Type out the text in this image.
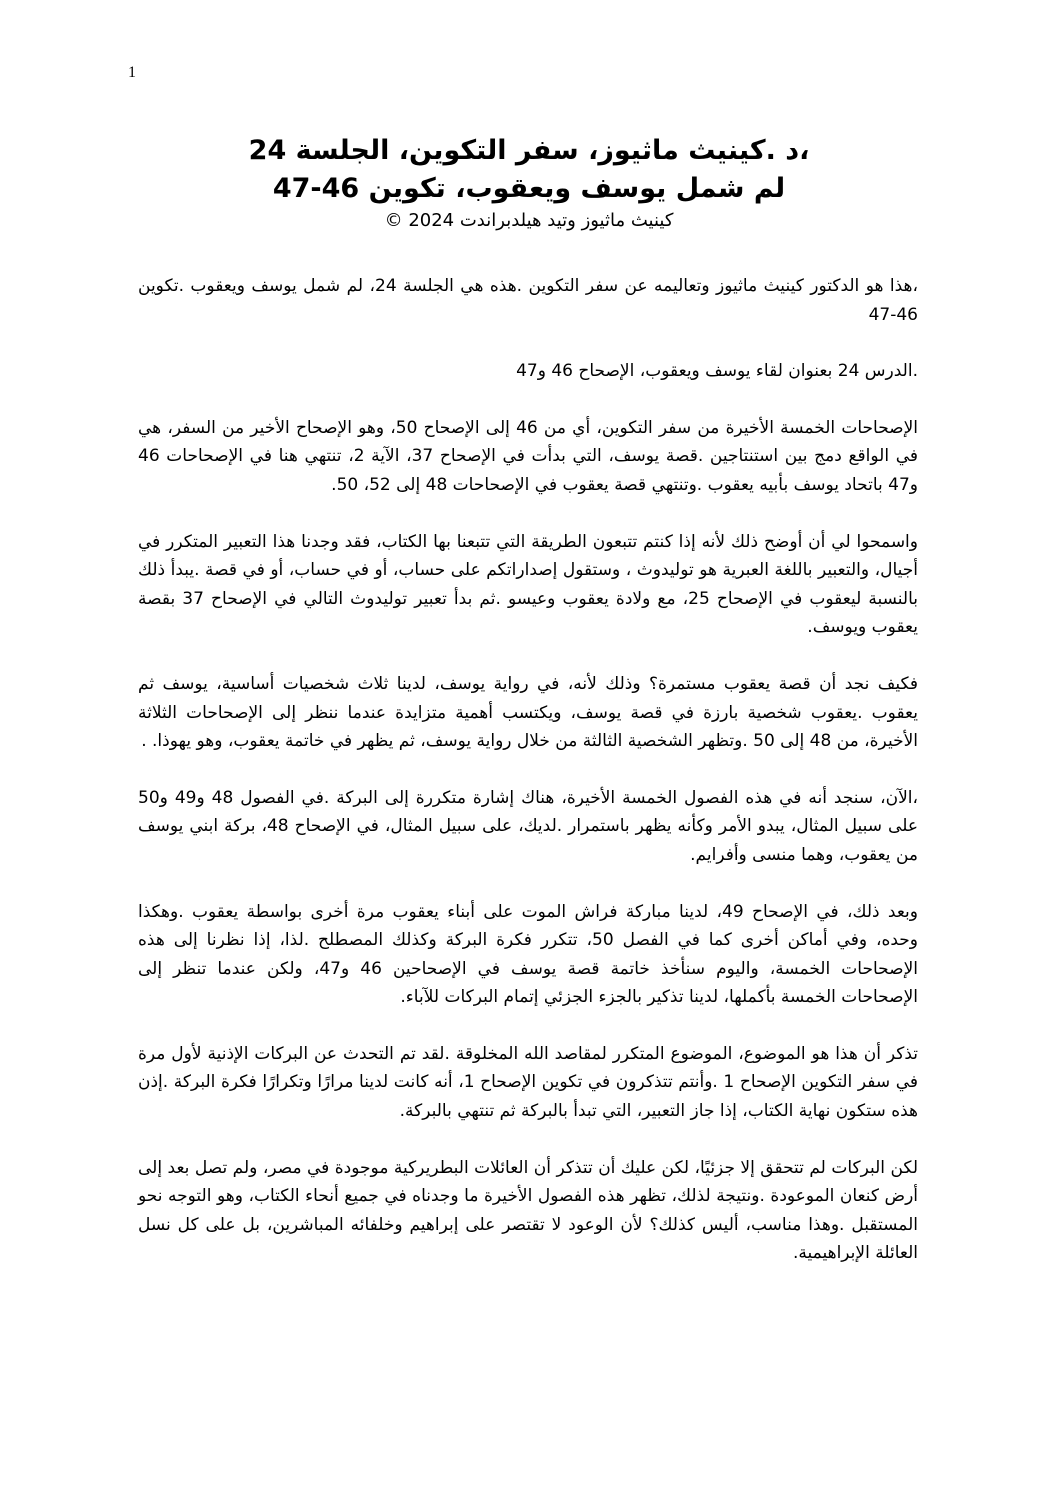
1
،د .كينيث ماثيوز، سفر التكوين، الجلسة 24
لم شمل يوسف ويعقوب، تكوين 46-47
كينيث ماثيوز وتيد هيلدبراندت 2024 ©

،هذا هو الدكتور كينيث ماثيوز وتعاليمه عن سفر التكوين .هذه هي الجلسة 24، لم شمل يوسف ويعقوب .تكوين 46-47

.الدرس 24 بعنوان لقاء يوسف ويعقوب، الإصحاح 46 و47

الإصحاحات الخمسة الأخيرة من سفر التكوين، أي من 46 إلى الإصحاح 50، وهو الإصحاح الأخير من السفر، هي في الواقع دمج بين استنتاجين .قصة يوسف، التي بدأت في الإصحاح 37، الآية 2، تنتهي هنا في الإصحاحات 46 و47 باتحاد يوسف بأبيه يعقوب .وتنتهي قصة يعقوب في الإصحاحات 48 إلى 52، 50.

واسمحوا لي أن أوضح ذلك لأنه إذا كنتم تتبعون الطريقة التي تتبعنا بها الكتاب، فقد وجدنا هذا التعبير المتكرر في أجيال، والتعبير باللغة العبرية هو توليدوث ، وستقول إصداراتكم على حساب، أو في حساب، أو في قصة .يبدأ ذلك بالنسبة ليعقوب في الإصحاح 25، مع ولادة يعقوب وعيسو .ثم بدأ تعبير توليدوث التالي في الإصحاح 37 بقصة يعقوب ويوسف.

فكيف نجد أن قصة يعقوب مستمرة؟ وذلك لأنه، في رواية يوسف، لدينا ثلاث شخصيات أساسية، يوسف ثم يعقوب .يعقوب شخصية بارزة في قصة يوسف، ويكتسب أهمية متزايدة عندما ننظر إلى الإصحاحات الثلاثة الأخيرة، من 48 إلى 50 .وتظهر الشخصية الثالثة من خلال رواية يوسف، ثم يظهر في خاتمة يعقوب، وهو يهوذا. .

،الآن، سنجد أنه في هذه الفصول الخمسة الأخيرة، هناك إشارة متكررة إلى البركة .في الفصول 48 و49 و50 على سبيل المثال، يبدو الأمر وكأنه يظهر باستمرار .لديك، على سبيل المثال، في الإصحاح 48، بركة ابني يوسف من يعقوب، وهما منسى وأفرايم.

وبعد ذلك، في الإصحاح 49، لدينا مباركة فراش الموت على أبناء يعقوب مرة أخرى بواسطة يعقوب .وهكذا وحده، وفي أماكن أخرى كما في الفصل 50، تتكرر فكرة البركة وكذلك المصطلح .لذا، إذا نظرنا إلى هذه الإصحاحات الخمسة، واليوم سنأخذ خاتمة قصة يوسف في الإصحاحين 46 و47، ولكن عندما تنظر إلى الإصحاحات الخمسة بأكملها، لدينا تذكير بالجزء الجزئي إتمام البركات للآباء.

تذكر أن هذا هو الموضوع، الموضوع المتكرر لمقاصد الله المخلوقة .لقد تم التحدث عن البركات الإذنية لأول مرة في سفر التكوين الإصحاح 1 .وأنتم تتذكرون في تكوين الإصحاح 1، أنه كانت لدينا مرارًا وتكرارًا فكرة البركة .إذن هذه ستكون نهاية الكتاب، إذا جاز التعبير، التي تبدأ بالبركة ثم تنتهي بالبركة.

لكن البركات لم تتحقق إلا جزئيًا، لكن عليك أن تتذكر أن العائلات البطريركية موجودة في مصر، ولم تصل بعد إلى أرض كنعان الموعودة .ونتيجة لذلك، تظهر هذه الفصول الأخيرة ما وجدناه في جميع أنحاء الكتاب، وهو التوجه نحو المستقبل .وهذا مناسب، أليس كذلك؟ لأن الوعود لا تقتصر على إبراهيم وخلفائه المباشرين، بل على كل نسل العائلة الإبراهيمية.
